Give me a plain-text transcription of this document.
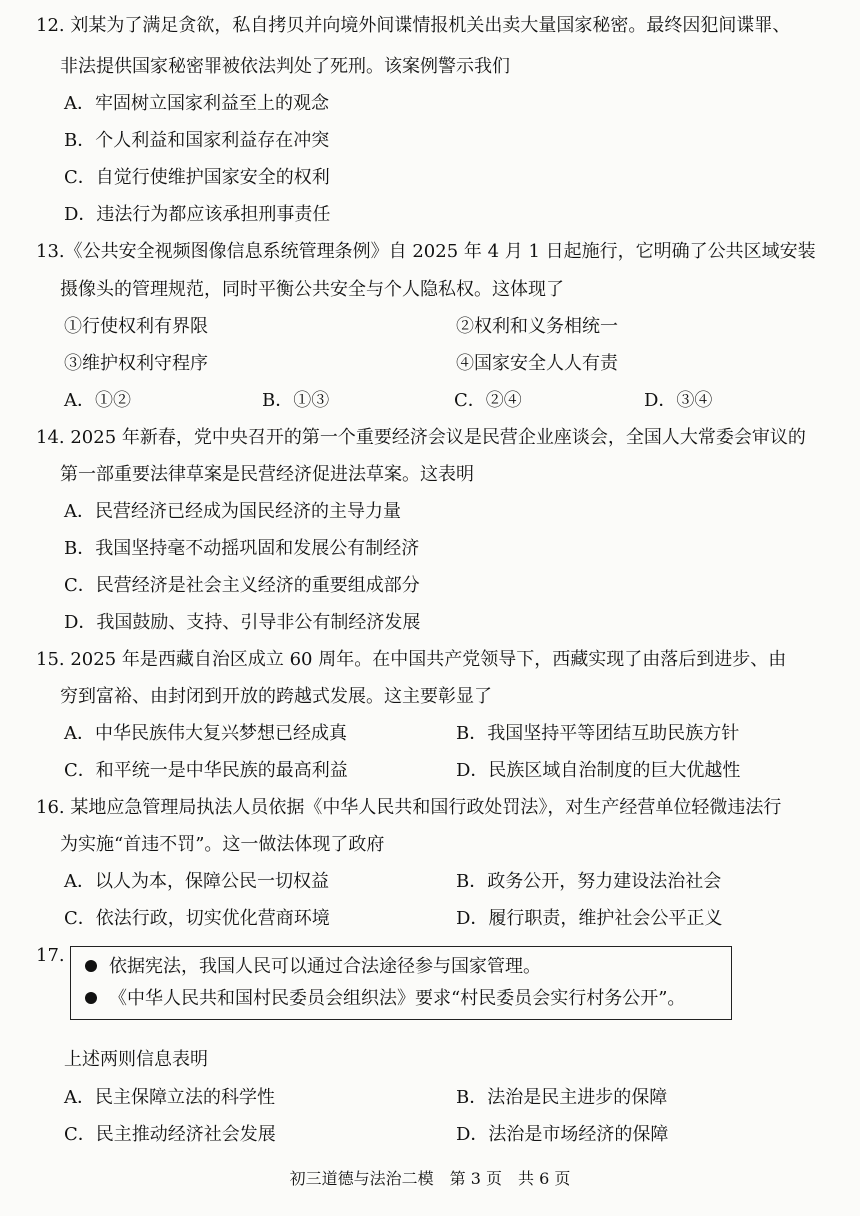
12. 刘某为了满足贪欲，私自拷贝并向境外间谍情报机关出卖大量国家秘密。最终因犯间谍罪、
非法提供国家秘密罪被依法判处了死刑。该案例警示我们
A．牢固树立国家利益至上的观念
B．个人利益和国家利益存在冲突
C．自觉行使维护国家安全的权利
D．违法行为都应该承担刑事责任
13.《公共安全视频图像信息系统管理条例》自 2025 年 4 月 1 日起施行，它明确了公共区域安装
摄像头的管理规范，同时平衡公共安全与个人隐私权。这体现了
①行使权利有界限	②权利和义务相统一
③维护权利守程序	④国家安全人人有责
A．①②	B．①③	C．②④	D．③④
14. 2025 年新春，党中央召开的第一个重要经济会议是民营企业座谈会，全国人大常委会审议的
第一部重要法律草案是民营经济促进法草案。这表明
A．民营经济已经成为国民经济的主导力量
B．我国坚持毫不动摇巩固和发展公有制经济
C．民营经济是社会主义经济的重要组成部分
D．我国鼓励、支持、引导非公有制经济发展
15. 2025 年是西藏自治区成立 60 周年。在中国共产党领导下，西藏实现了由落后到进步、由
穷到富裕、由封闭到开放的跨越式发展。这主要彰显了
A．中华民族伟大复兴梦想已经成真	B．我国坚持平等团结互助民族方针
C．和平统一是中华民族的最高利益	D．民族区域自治制度的巨大优越性
16. 某地应急管理局执法人员依据《中华人民共和国行政处罚法》，对生产经营单位轻微违法行
为实施“首违不罚”。这一做法体现了政府
A．以人为本，保障公民一切权益	B．政务公开，努力建设法治社会
C．依法行政，切实优化营商环境	D．履行职责，维护社会公平正义
17.
依据宪法，我国人民可以通过合法途径参与国家管理。
《中华人民共和国村民委员会组织法》要求“村民委员会实行村务公开”。
上述两则信息表明
A．民主保障立法的科学性	B．法治是民主进步的保障
C．民主推动经济社会发展	D．法治是市场经济的保障
初三道德与法治二模　第 3 页　共 6 页
